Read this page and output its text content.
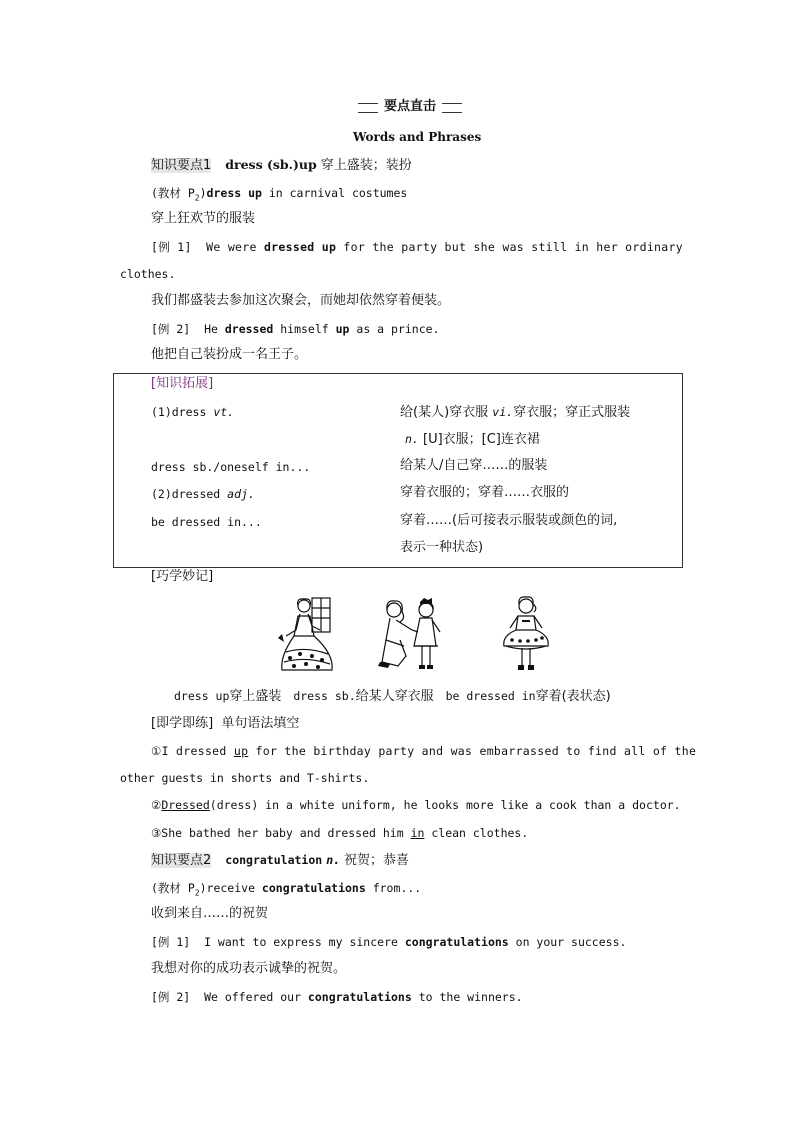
要点直击
Words and Phrases
知识要点1 dress (sb.)up 穿上盛装；装扮
(教材 $P_2)dress$ up in carnival costumes
穿上狂欢节的服装
[例 1] We were dressed up for the party but she was still in her ordinary
clothes.
我们都盛装去参加这次聚会，而她却依然穿着便装。
[例 2] He dressed himself up as a prince.
他把自己装扮成一名王子。
[知识拓展]
(1)dress vt.	给(某人)穿衣服 vi.穿衣服；穿正式服装
n. [U]衣服；[C]连衣裙
dress sb./oneself in...	给某人/自己穿……的服装
(2)dressed adj.	穿着衣服的；穿着……衣服的
be dressed in...	穿着……(后可接表示服装或颜色的词,
表示一种状态)
[巧学妙记]
dress up穿上盛装 dress sb.给某人穿衣服 be dressed in穿着(表状态)
[即学即练] 单句语法填空
①I dressed up for the birthday party and was embarrassed to find all of the
other guests in shorts and T-shirts.
②Dressed(dress) in a white uniform, he looks more like a cook than a doctor.
③She bathed her baby and dressed him in clean clothes.
知识要点2 congratulation n. 祝贺；恭喜
(教材 $P_2)receive$ congratulations from...
收到来自……的祝贺
[例 1] I want to express my sincere congratulations on your success.
我想对你的成功表示诚挚的祝贺。
[例 2] We offered our congratulations to the winners.
